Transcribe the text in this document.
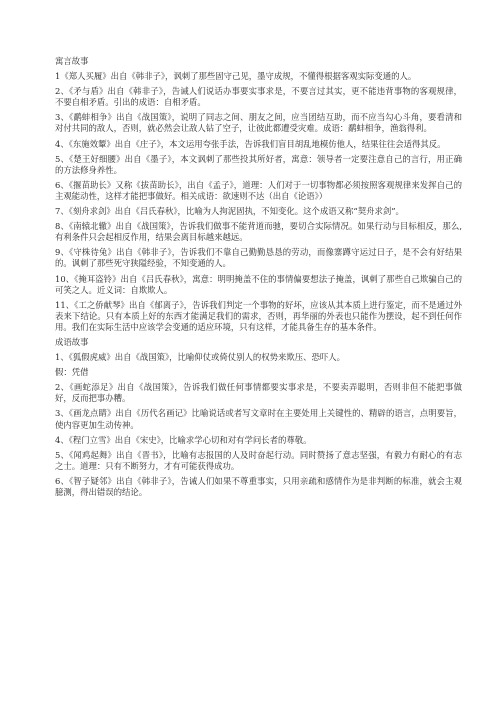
寓言故事

1《郑人买履》出自《韩非子》，讽刺了那些固守己见，墨守成规，不懂得根据客观实际变通的人。

2、《矛与盾》出自《韩非子》，告诫人们说话办事要实事求是，不要言过其实，更不能违背事物的客观规律，不要自相矛盾。引出的成语：自相矛盾。

3、《鹬蚌相争》出自《战国策》，说明了同志之间、朋友之间，应当团结互助，而不应当勾心斗角，要看清和对付共同的敌人，否则，就必然会让敌人钻了空子，让彼此都遭受灾难。成语：鹬蚌相争，渔翁得利。

4、《东施效颦》出自《庄子》，本文运用夸张手法，告诉我们盲目胡乱地模仿他人，结果往往会适得其反。

5、《楚王好细腰》出自《墨子》，本文讽刺了那些投其所好者，寓意：领导者一定要注意自己的言行，用正确的方法修身养性。

6、《揠苗助长》又称《拔苗助长》，出自《孟子》，道理：人们对于一切事物都必须按照客观规律来发挥自己的主观能动性，这样才能把事做好。相关成语：欲速则不达（出自《论语》）

7、《刻舟求剑》出自《吕氏春秋》，比喻为人拘泥固执，不知变化。这个成语又称“契舟求剑”。

8、《南辕北辙》出自《战国策》，告诉我们做事不能背道而驰，要切合实际情况。如果行动与目标相反，那么,有利条件只会起相反作用，结果会离目标越来越远。

9、《守株待兔》出自《韩非子》，告诉我们不靠自己勤勤恳恳的劳动，而像寨蹲守运过日子，是不会有好结果的。讽刺了那些死守狭隘经验，不知变通的人。

10、《掩耳盗铃》出自《吕氏春秋》，寓意：明明掩盖不住的事情偏要想法子掩盖，讽刺了那些自己欺骗自己的可笑之人。近义词：自欺欺人。

11、《工之侨献琴》出自《郁离子》，告诉我们判定一个事物的好坏，应该从其本质上进行鉴定，而不是通过外表来下结论。只有本质上好的东西才能满足我们的需求，否则，再华丽的外表也只能作为摆设，起不到任何作用。我们在实际生活中应该学会变通的适应环境，只有这样，才能具备生存的基本条件。

成语故事

1、《狐假虎威》出自《战国策》，比喻仰仗或倚仗别人的权势来欺压、恐吓人。

假：凭借

2、《画蛇添足》出自《战国策》，告诉我们做任何事情都要实事求是，不要卖弄聪明，否则非但不能把事做好，反而把事办糟。

3、《画龙点睛》出自《历代名画记》比喻说话或者写文章时在主要处用上关键性的、精辟的语言，点明要旨，使内容更加生动传神。

4、《程门立雪》出自《宋史》，比喻求学心切和对有学问长者的尊敬。

5、《闻鸡起舞》出自《晋书》，比喻有志报国的人及时奋起行动。同时赞扬了意志坚强，有毅力有耐心的有志之士。道理：只有不断努力，才有可能获得成功。

6、《智子疑邻》出自《韩非子》，告诫人们如果不尊重事实，只用亲疏和感情作为是非判断的标准，就会主观臆测，得出错误的结论。
